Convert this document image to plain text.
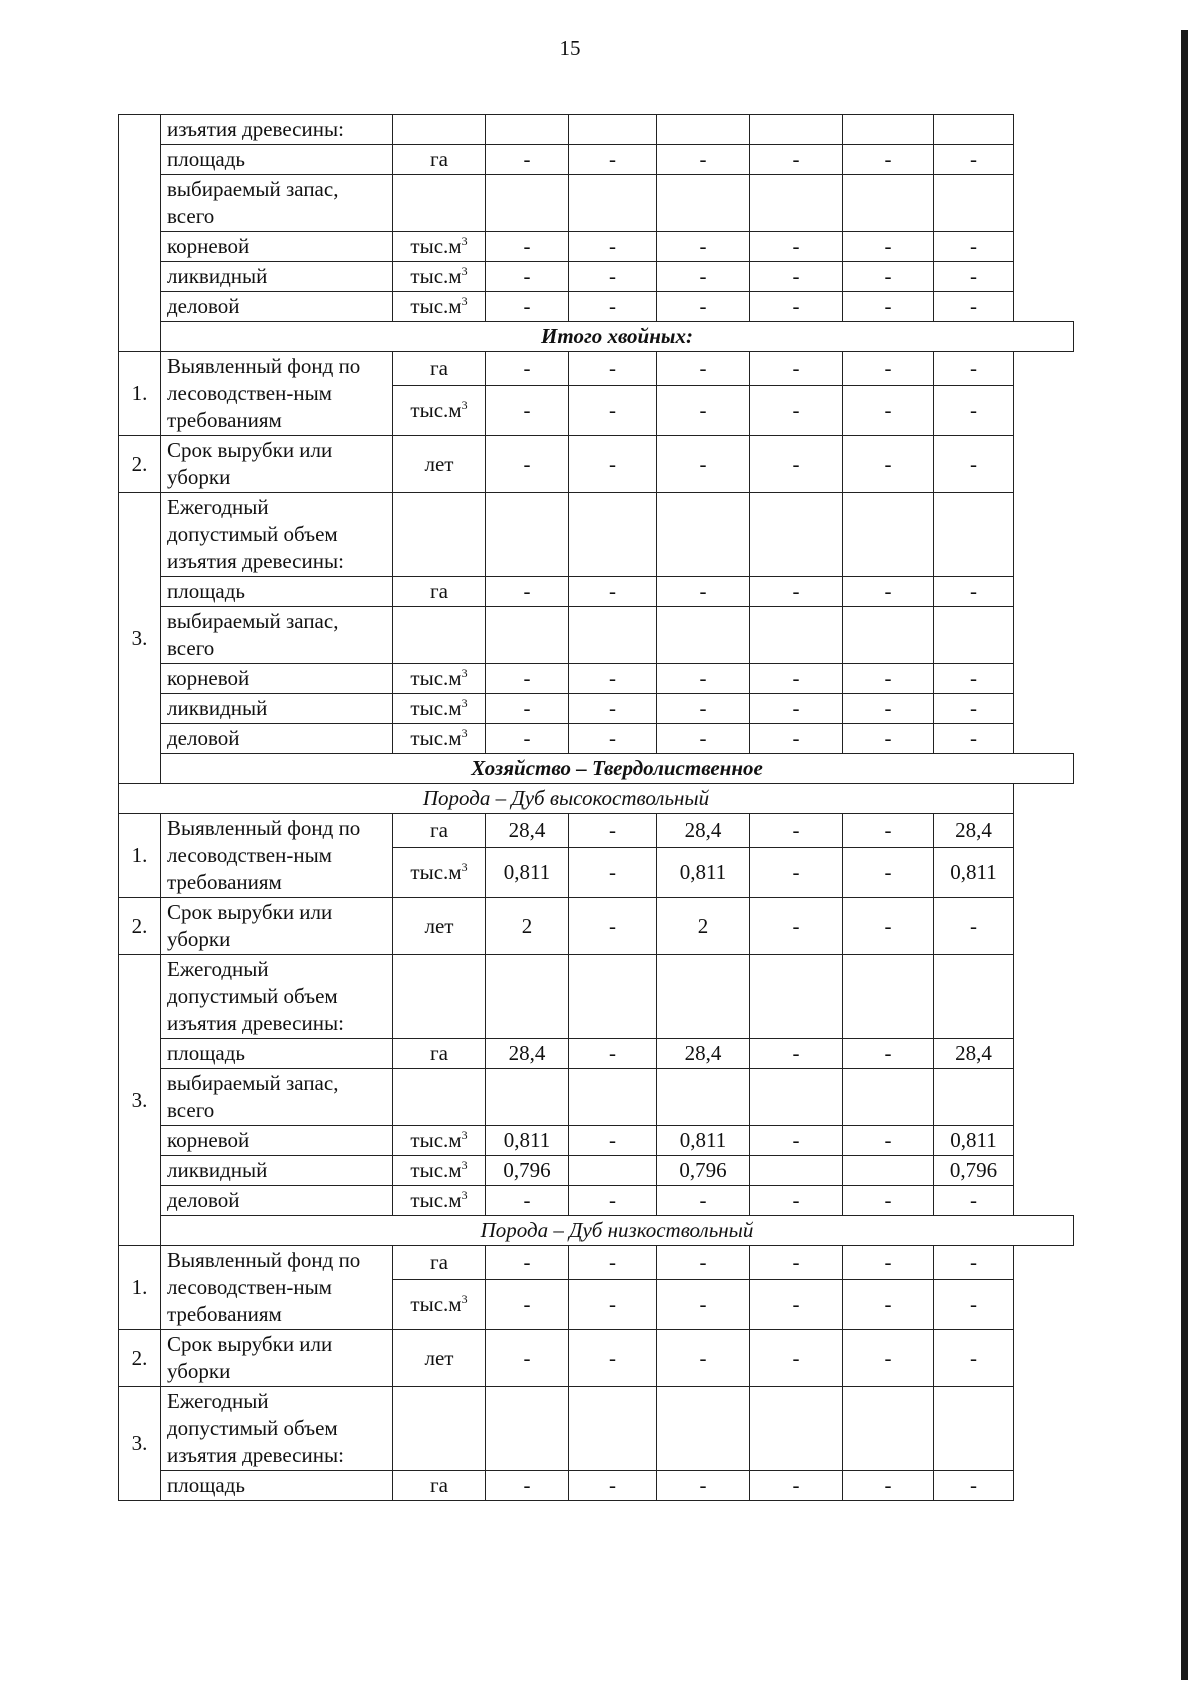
15
	изъятия древесины:							
	площадь	га	-	-	-	-	-	-
	выбираемый запас,
всего							
	корневой	$тыс.м^3$	-	-	-	-	-	-
	ликвидный	$тыс.м^3$	-	-	-	-	-	-
	деловой	$тыс.м^3$	-	-	-	-	-	-
	Итого хвойных:							
1.	Выявленный фонд по
лесоводствен-ным
требованиям	га	-	-	-	-	-	-
		$тыс.м^3$	-	-	-	-	-	-
2.	Срок вырубки или
уборки	лет	-	-	-	-	-	-
3.	Ежегодный
допустимый объем
изъятия древесины:							
	площадь	га	-	-	-	-	-	-
	выбираемый запас,
всего							
	корневой	$тыс.м^3$	-	-	-	-	-	-
	ликвидный	$тыс.м^3$	-	-	-	-	-	-
	деловой	$тыс.м^3$	-	-	-	-	-	-
	Хозяйство – Твердолиственное							
Порода – Дуб высокоствольный								
1.	Выявленный фонд по
лесоводствен-ным
требованиям	га	28,4	-	28,4	-	-	28,4
		$тыс.м^3$	0,811	-	0,811	-	-	0,811
2.	Срок вырубки или
уборки	лет	2	-	2	-	-	-
3.	Ежегодный
допустимый объем
изъятия древесины:							
	площадь	га	28,4	-	28,4	-	-	28,4
	выбираемый запас,
всего							
	корневой	$тыс.м^3$	0,811	-	0,811	-	-	0,811
	ликвидный	$тыс.м^3$	0,796		0,796			0,796
	деловой	$тыс.м^3$	-	-	-	-	-	-
	Порода – Дуб низкоствольный							
1.	Выявленный фонд по
лесоводствен-ным
требованиям	га	-	-	-	-	-	-
		$тыс.м^3$	-	-	-	-	-	-
2.	Срок вырубки или
уборки	лет	-	-	-	-	-	-
3.	Ежегодный
допустимый объем
изъятия древесины:							
	площадь	га	-	-	-	-	-	-
